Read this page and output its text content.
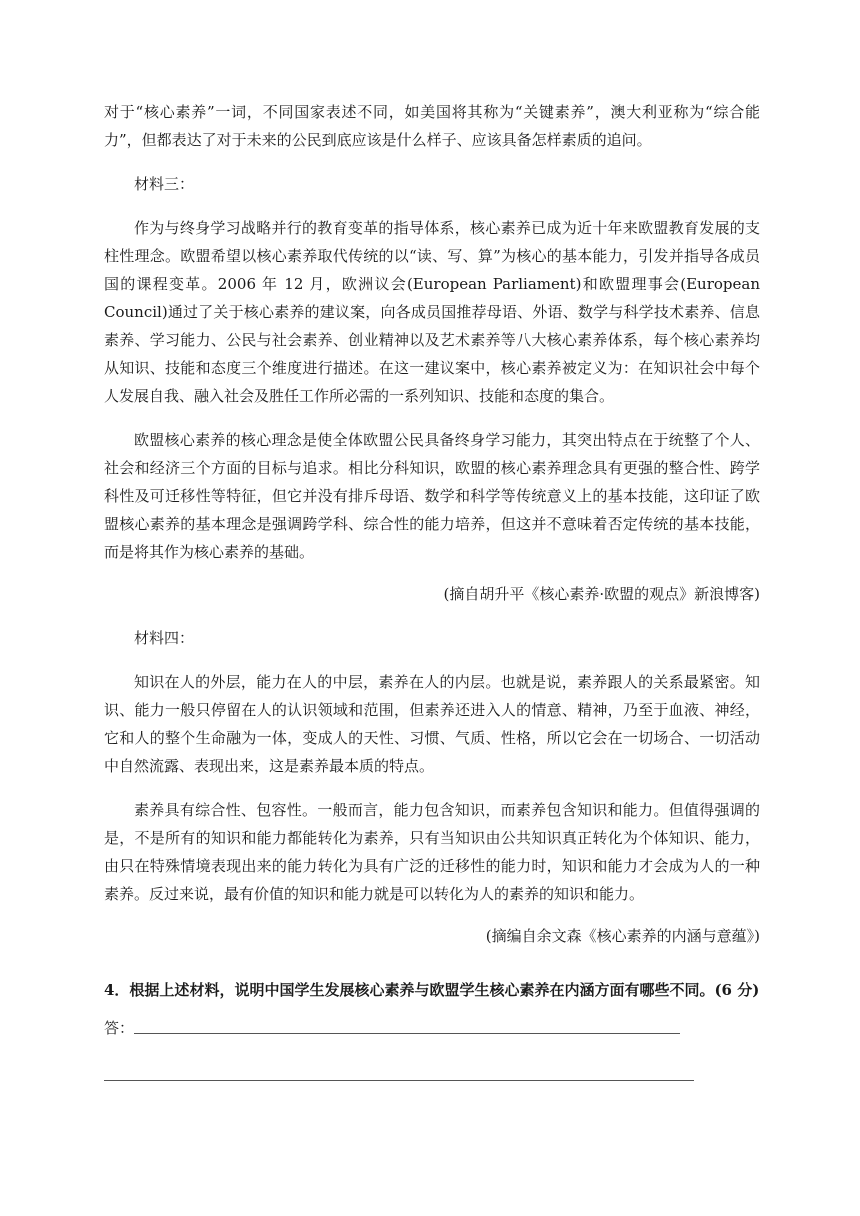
对于“核心素养”一词，不同国家表述不同，如美国将其称为“关键素养”，澳大利亚称为“综合能力”，但都表达了对于未来的公民到底应该是什么样子、应该具备怎样素质的追问。

材料三：

作为与终身学习战略并行的教育变革的指导体系，核心素养已成为近十年来欧盟教育发展的支柱性理念。欧盟希望以核心素养取代传统的以“读、写、算”为核心的基本能力，引发并指导各成员国的课程变革。2006 年 12 月，欧洲议会(European Parliament)和欧盟理事会(European Council)通过了关于核心素养的建议案，向各成员国推荐母语、外语、数学与科学技术素养、信息素养、学习能力、公民与社会素养、创业精神以及艺术素养等八大核心素养体系，每个核心素养均从知识、技能和态度三个维度进行描述。在这一建议案中，核心素养被定义为：在知识社会中每个人发展自我、融入社会及胜任工作所必需的一系列知识、技能和态度的集合。

欧盟核心素养的核心理念是使全体欧盟公民具备终身学习能力，其突出特点在于统整了个人、社会和经济三个方面的目标与追求。相比分科知识，欧盟的核心素养理念具有更强的整合性、跨学科性及可迁移性等特征，但它并没有排斥母语、数学和科学等传统意义上的基本技能，这印证了欧盟核心素养的基本理念是强调跨学科、综合性的能力培养，但这并不意味着否定传统的基本技能，而是将其作为核心素养的基础。

(摘自胡升平《核心素养·欧盟的观点》新浪博客)

材料四：

知识在人的外层，能力在人的中层，素养在人的内层。也就是说，素养跟人的关系最紧密。知识、能力一般只停留在人的认识领域和范围，但素养还进入人的情意、精神，乃至于血液、神经，它和人的整个生命融为一体，变成人的天性、习惯、气质、性格，所以它会在一切场合、一切活动中自然流露、表现出来，这是素养最本质的特点。

素养具有综合性、包容性。一般而言，能力包含知识，而素养包含知识和能力。但值得强调的是，不是所有的知识和能力都能转化为素养，只有当知识由公共知识真正转化为个体知识、能力，由只在特殊情境表现出来的能力转化为具有广泛的迁移性的能力时，知识和能力才会成为人的一种素养。反过来说，最有价值的知识和能力就是可以转化为人的素养的知识和能力。

(摘编自余文森《核心素养的内涵与意蕴》)

4．根据上述材料，说明中国学生发展核心素养与欧盟学生核心素养在内涵方面有哪些不同。(6 分)
答：
